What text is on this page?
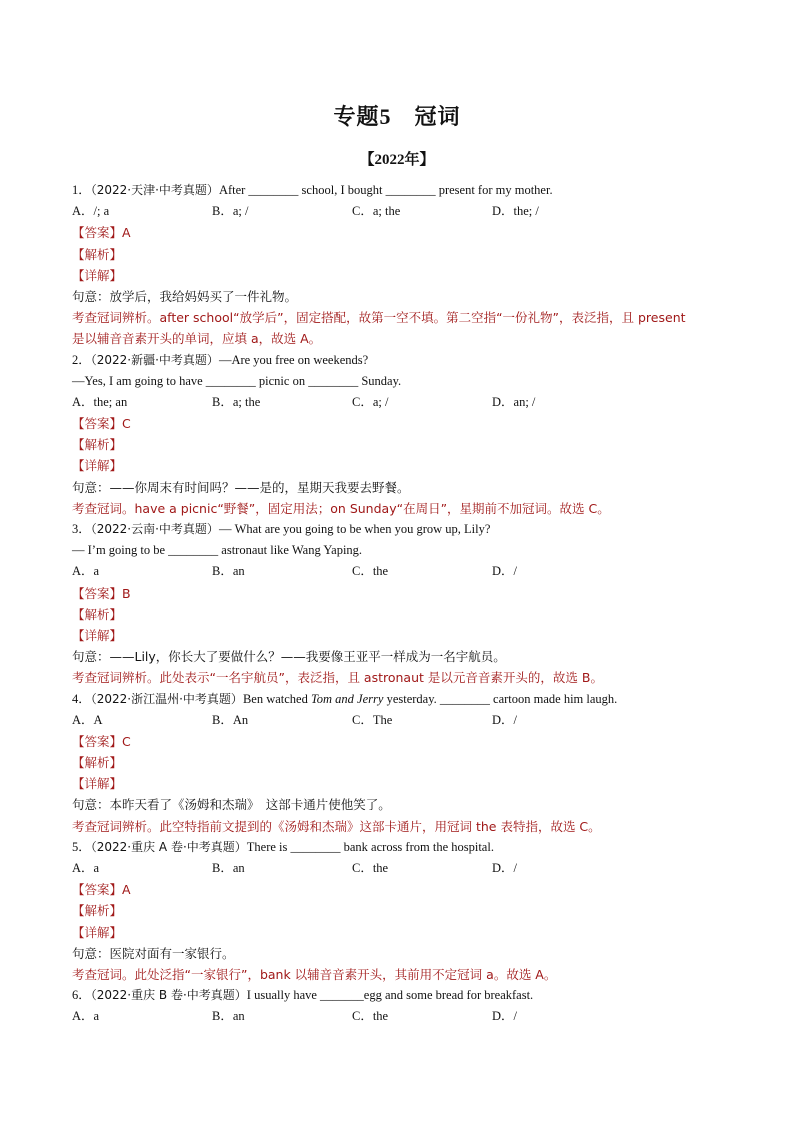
专题5　冠词
【2022年】
1．（2022·天津·中考真题）After ________ school, I bought ________ present for my mother.
A．/; a	B．a; /	C．a; the	D．the; /
【答案】A
【解析】
【详解】
句意：放学后，我给妈妈买了一件礼物。
考查冠词辨析。after school“放学后”，固定搭配，故第一空不填。第二空指“一份礼物”，表泛指，且 present
是以辅音音素开头的单词，应填 a，故选 A。
2．（2022·新疆·中考真题）—Are you free on weekends?
—Yes, I am going to have ________ picnic on ________ Sunday.
A．the; an	B．a; the	C．a; /	D．an; /
【答案】C
【解析】
【详解】
句意：——你周末有时间吗？——是的，星期天我要去野餐。
考查冠词。have a picnic“野餐”，固定用法；on Sunday“在周日”，星期前不加冠词。故选 C。
3．（2022·云南·中考真题）— What are you going to be when you grow up, Lily?
— I’m going to be ________ astronaut like Wang Yaping.
A．a	B．an	C．the	D．/
【答案】B
【解析】
【详解】
句意：——Lily，你长大了要做什么？——我要像王亚平一样成为一名宇航员。
考查冠词辨析。此处表示“一名宇航员”，表泛指，且 astronaut 是以元音音素开头的，故选 B。
4．（2022·浙江温州·中考真题）Ben watched Tom and Jerry yesterday. ________ cartoon made him laugh.
A．A	B．An	C．The	D．/
【答案】C
【解析】
【详解】
句意：本昨天看了《汤姆和杰瑞》　这部卡通片使他笑了。
考查冠词辨析。此空特指前文提到的《汤姆和杰瑞》这部卡通片，用冠词 the 表特指，故选 C。
5．（2022·重庆 A 卷·中考真题）There is ________ bank across from the hospital.
A．a	B．an	C．the	D．/
【答案】A
【解析】
【详解】
句意：医院对面有一家银行。
考查冠词。此处泛指“一家银行”，bank 以辅音音素开头，其前用不定冠词 a。故选 A。
6．（2022·重庆 B 卷·中考真题）I usually have _______egg and some bread for breakfast.
A．a	B．an	C．the	D．/
